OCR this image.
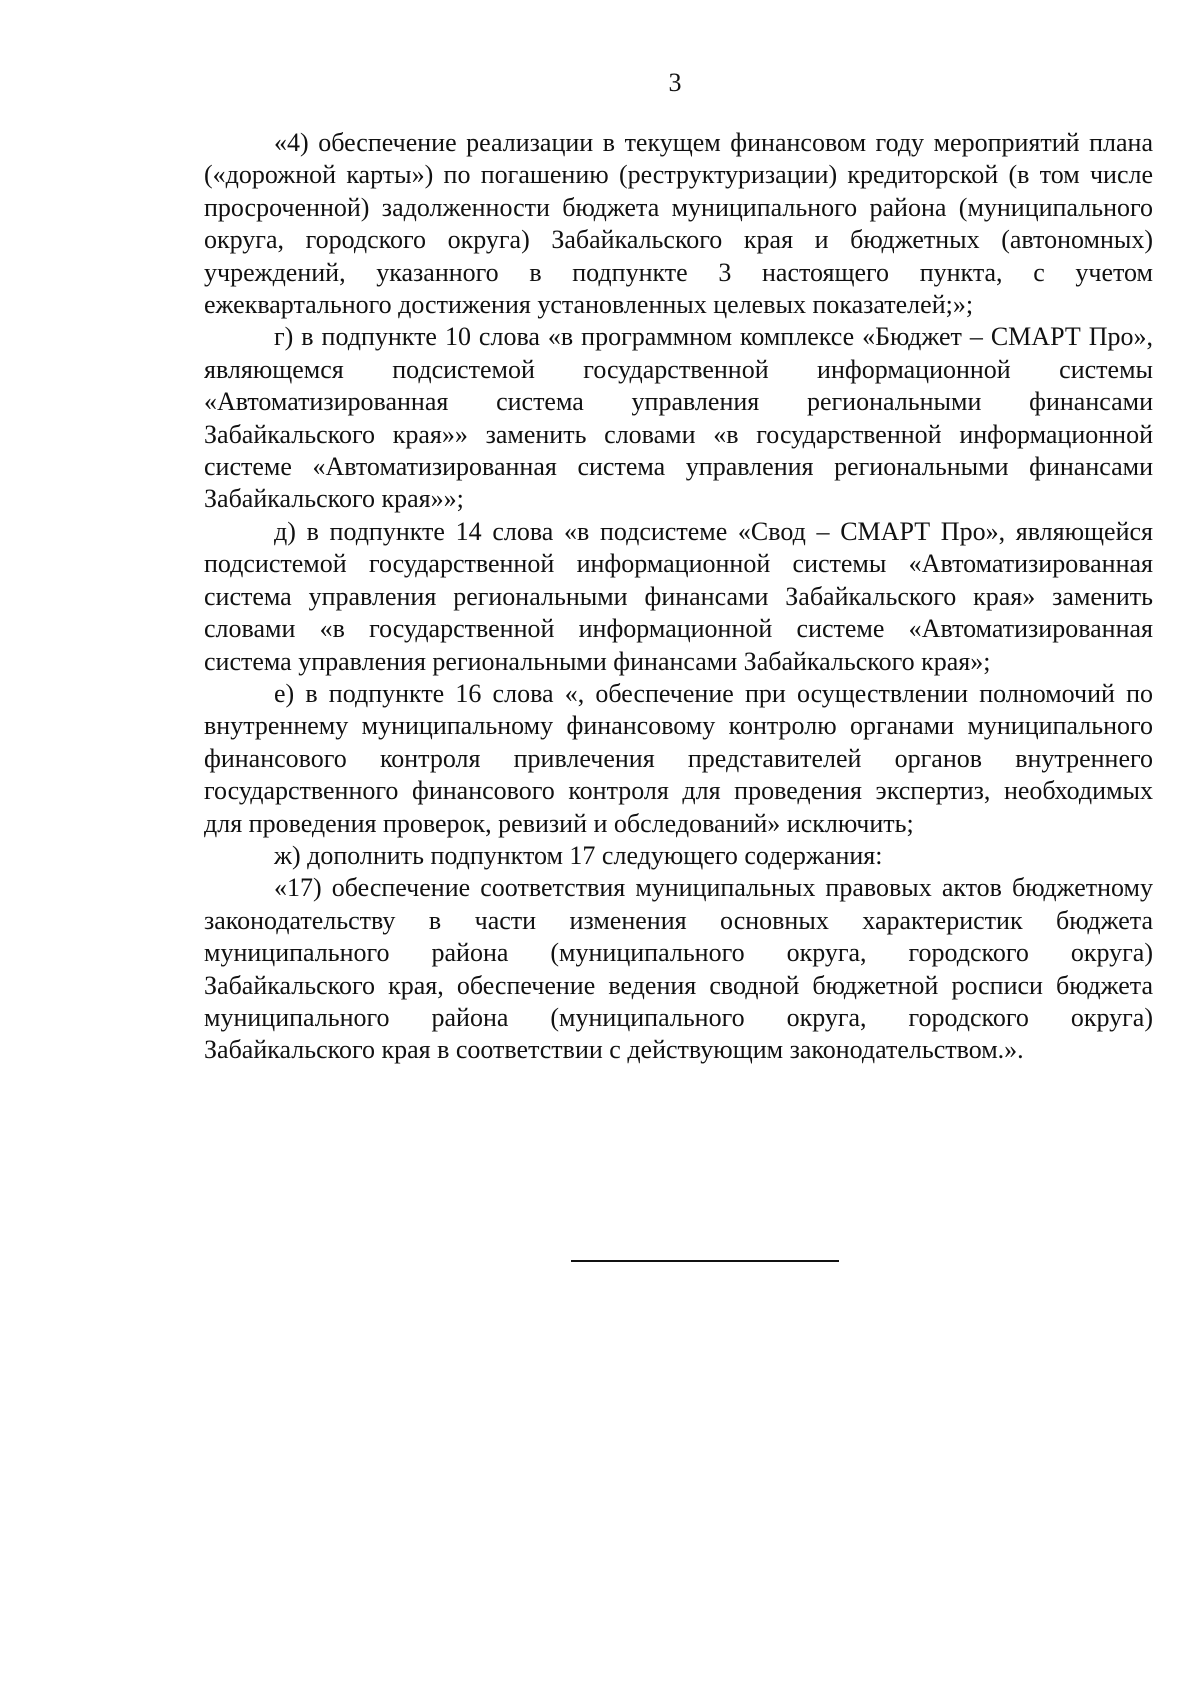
3

«4) обеспечение реализации в текущем финансовом году мероприятий плана («дорожной карты») по погашению (реструктуризации) кредиторской (в том числе просроченной) задолженности бюджета муниципального района (муниципального округа, городского округа) Забайкальского края и бюджетных (автономных) учреждений, указанного в подпункте 3 настоящего пункта, с учетом ежеквартального достижения установленных целевых показателей;»;

г) в подпункте 10 слова «в программном комплексе «Бюджет – СМАРТ Про», являющемся подсистемой государственной информационной системы «Автоматизированная система управления региональными финансами Забайкальского края»» заменить словами «в государственной информационной системе «Автоматизированная система управления региональными финансами Забайкальского края»»;

д) в подпункте 14 слова «в подсистеме «Свод – СМАРТ Про», являющейся подсистемой государственной информационной системы «Автоматизированная система управления региональными финансами Забайкальского края» заменить словами «в государственной информационной системе «Автоматизированная система управления региональными финансами Забайкальского края»;

е) в подпункте 16 слова «, обеспечение при осуществлении полномочий по внутреннему муниципальному финансовому контролю органами муниципального финансового контроля привлечения представителей органов внутреннего государственного финансового контроля для проведения экспертиз, необходимых для проведения проверок, ревизий и обследований» исключить;

ж) дополнить подпунктом 17 следующего содержания:

«17) обеспечение соответствия муниципальных правовых актов бюджетному законодательству в части изменения основных характеристик бюджета муниципального района (муниципального округа, городского округа) Забайкальского края, обеспечение ведения сводной бюджетной росписи бюджета муниципального района (муниципального округа, городского округа) Забайкальского края в соответствии с действующим законодательством.».
